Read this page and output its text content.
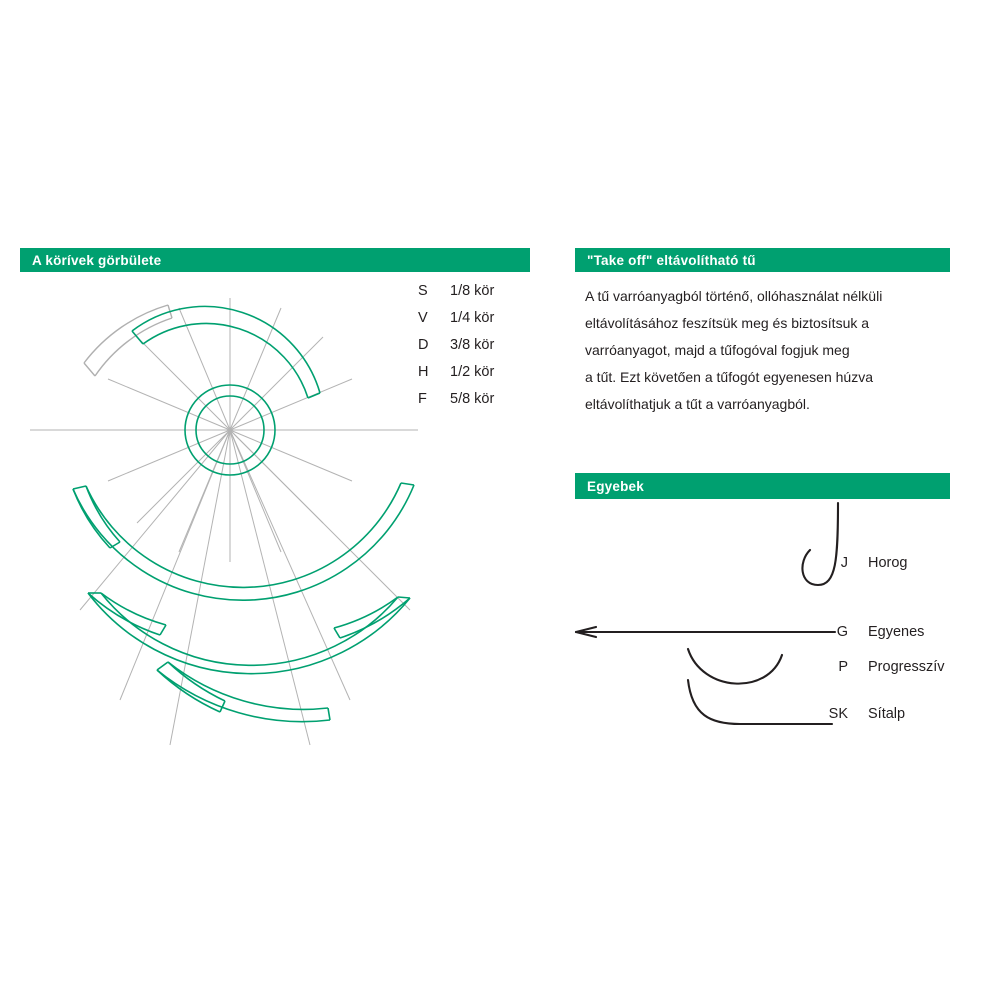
A körívek görbülete	"Take off" eltávolítható tű
Egyebek
S	1/8 kör
V	1/4 kör
D	3/8 kör
H	1/2 kör
F	5/8 kör
A tű varróanyagból történő, ollóhasználat nélküli
eltávolításához feszítsük meg és biztosítsuk a
varróanyagot, majd a tűfogóval fogjuk meg
a tűt. Ezt követően a tűfogót egyenesen húzva
eltávolíthatjuk a tűt a varróanyagból.
J Horog
G Egyenes
P Progresszív
SK Sítalp
